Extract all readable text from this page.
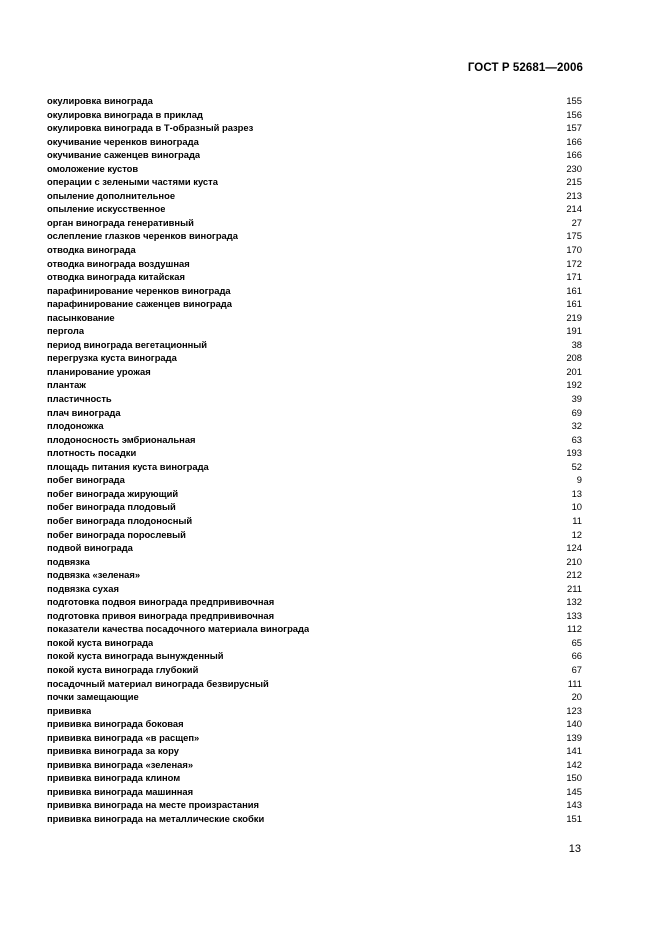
ГОСТ Р 52681—2006
окулировка винограда	155
окулировка винограда в приклад	156
окулировка винограда в Т-образный разрез	157
окучивание черенков винограда	166
окучивание саженцев винограда	166
омоложение кустов	230
операции с зелеными частями куста	215
опыление дополнительное	213
опыление искусственное	214
орган винограда генеративный	27
ослепление глазков черенков винограда	175
отводка винограда	170
отводка винограда воздушная	172
отводка винограда китайская	171
парафинирование черенков винограда	161
парафинирование саженцев винограда	161
пасынкование	219
пергола	191
период винограда вегетационный	38
перегрузка куста винограда	208
планирование урожая	201
плантаж	192
пластичность	39
плач винограда	69
плодоножка	32
плодоносность эмбриональная	63
плотность посадки	193
площадь питания куста винограда	52
побег винограда	9
побег винограда жирующий	13
побег винограда плодовый	10
побег винограда плодоносный	11
побег винограда порослевый	12
подвой винограда	124
подвязка	210
подвязка «зеленая»	212
подвязка сухая	211
подготовка подвоя винограда предпрививочная	132
подготовка привоя винограда предпрививочная	133
показатели качества посадочного материала винограда	112
покой куста винограда	65
покой куста винограда вынужденный	66
покой куста винограда глубокий	67
посадочный материал винограда безвирусный	111
почки замещающие	20
прививка	123
прививка винограда боковая	140
прививка винограда «в расщеп»	139
прививка винограда за кору	141
прививка винограда «зеленая»	142
прививка винограда клином	150
прививка винограда машинная	145
прививка винограда на месте произрастания	143
прививка винограда на металлические скобки	151
13
